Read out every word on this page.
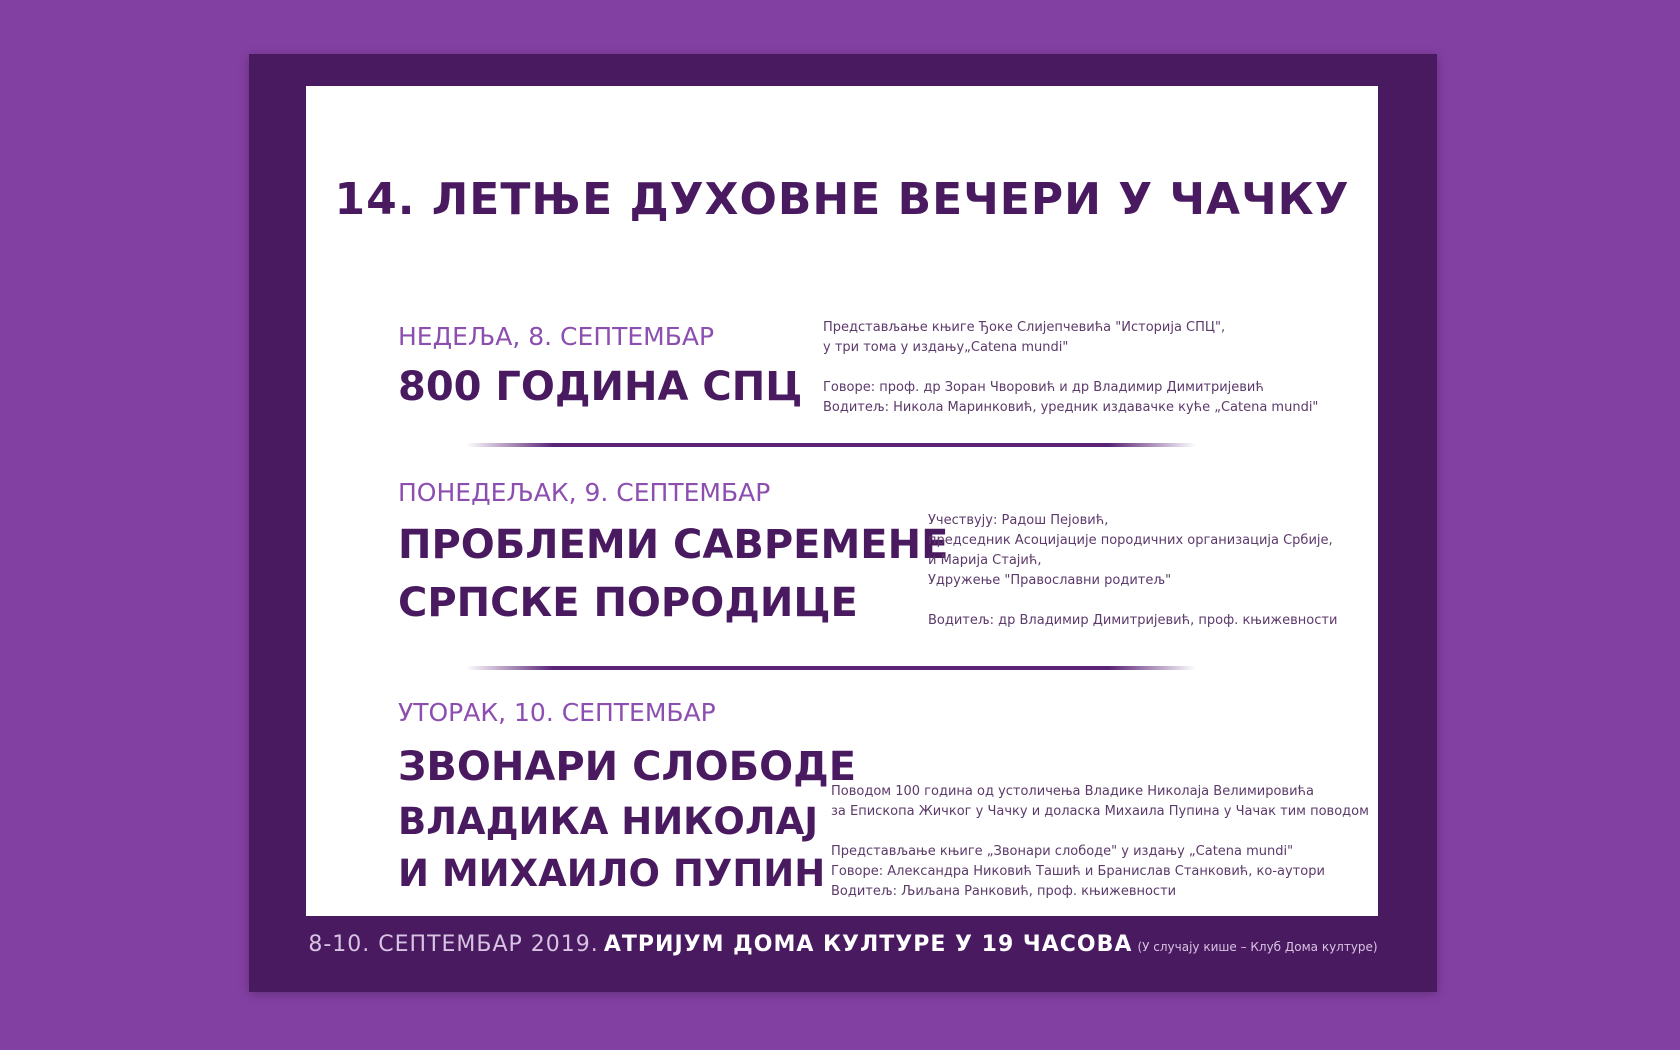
14. ЛЕТЊЕ ДУХОВНЕ ВЕЧЕРИ У ЧАЧКУ
НЕДЕЉА, 8. СЕПТЕМБАР
800 ГОДИНА СПЦ
Представљање књиге Ђоке Слијепчевића "Историја СПЦ",
у три тома у издању„Catena mundi"
Говоре: проф. др Зоран Чворовић и др Владимир Димитријевић
Водитељ: Никола Маринковић, уредник издавачке куће „Catena mundi"
ПОНЕДЕЉАК, 9. СЕПТЕМБАР
ПРОБЛЕМИ САВРЕМЕНЕ
СРПСКЕ ПОРОДИЦЕ
Учествују: Радош Пејовић,
председник Асоцијације породичних организација Србије,
и Марија Стајић,
Удружење "Православни родитељ"
Водитељ: др Владимир Димитријевић, проф. књижевности
УТОРАК, 10. СЕПТЕМБАР
ЗВОНАРИ СЛОБОДЕ
ВЛАДИКА НИКОЛАЈ
И МИХАИЛО ПУПИН
Поводом 100 година од устоличења Владике Николаја Велимировића
за Епископа Жичког у Чачку и доласка Михаила Пупина у Чачак тим поводом
Представљање књиге „Звонари слободе" у издању „Catena mundi"
Говоре: Александра Никовић Ташић и Бранислав Станковић, ко-аутори
Водитељ: Љиљана Ранковић, проф. књижевности
8-10. СЕПТЕМБАР 2019. АТРИЈУМ ДОМА КУЛТУРЕ У 19 ЧАСОВА (У случају кише – Клуб Дома културе)
